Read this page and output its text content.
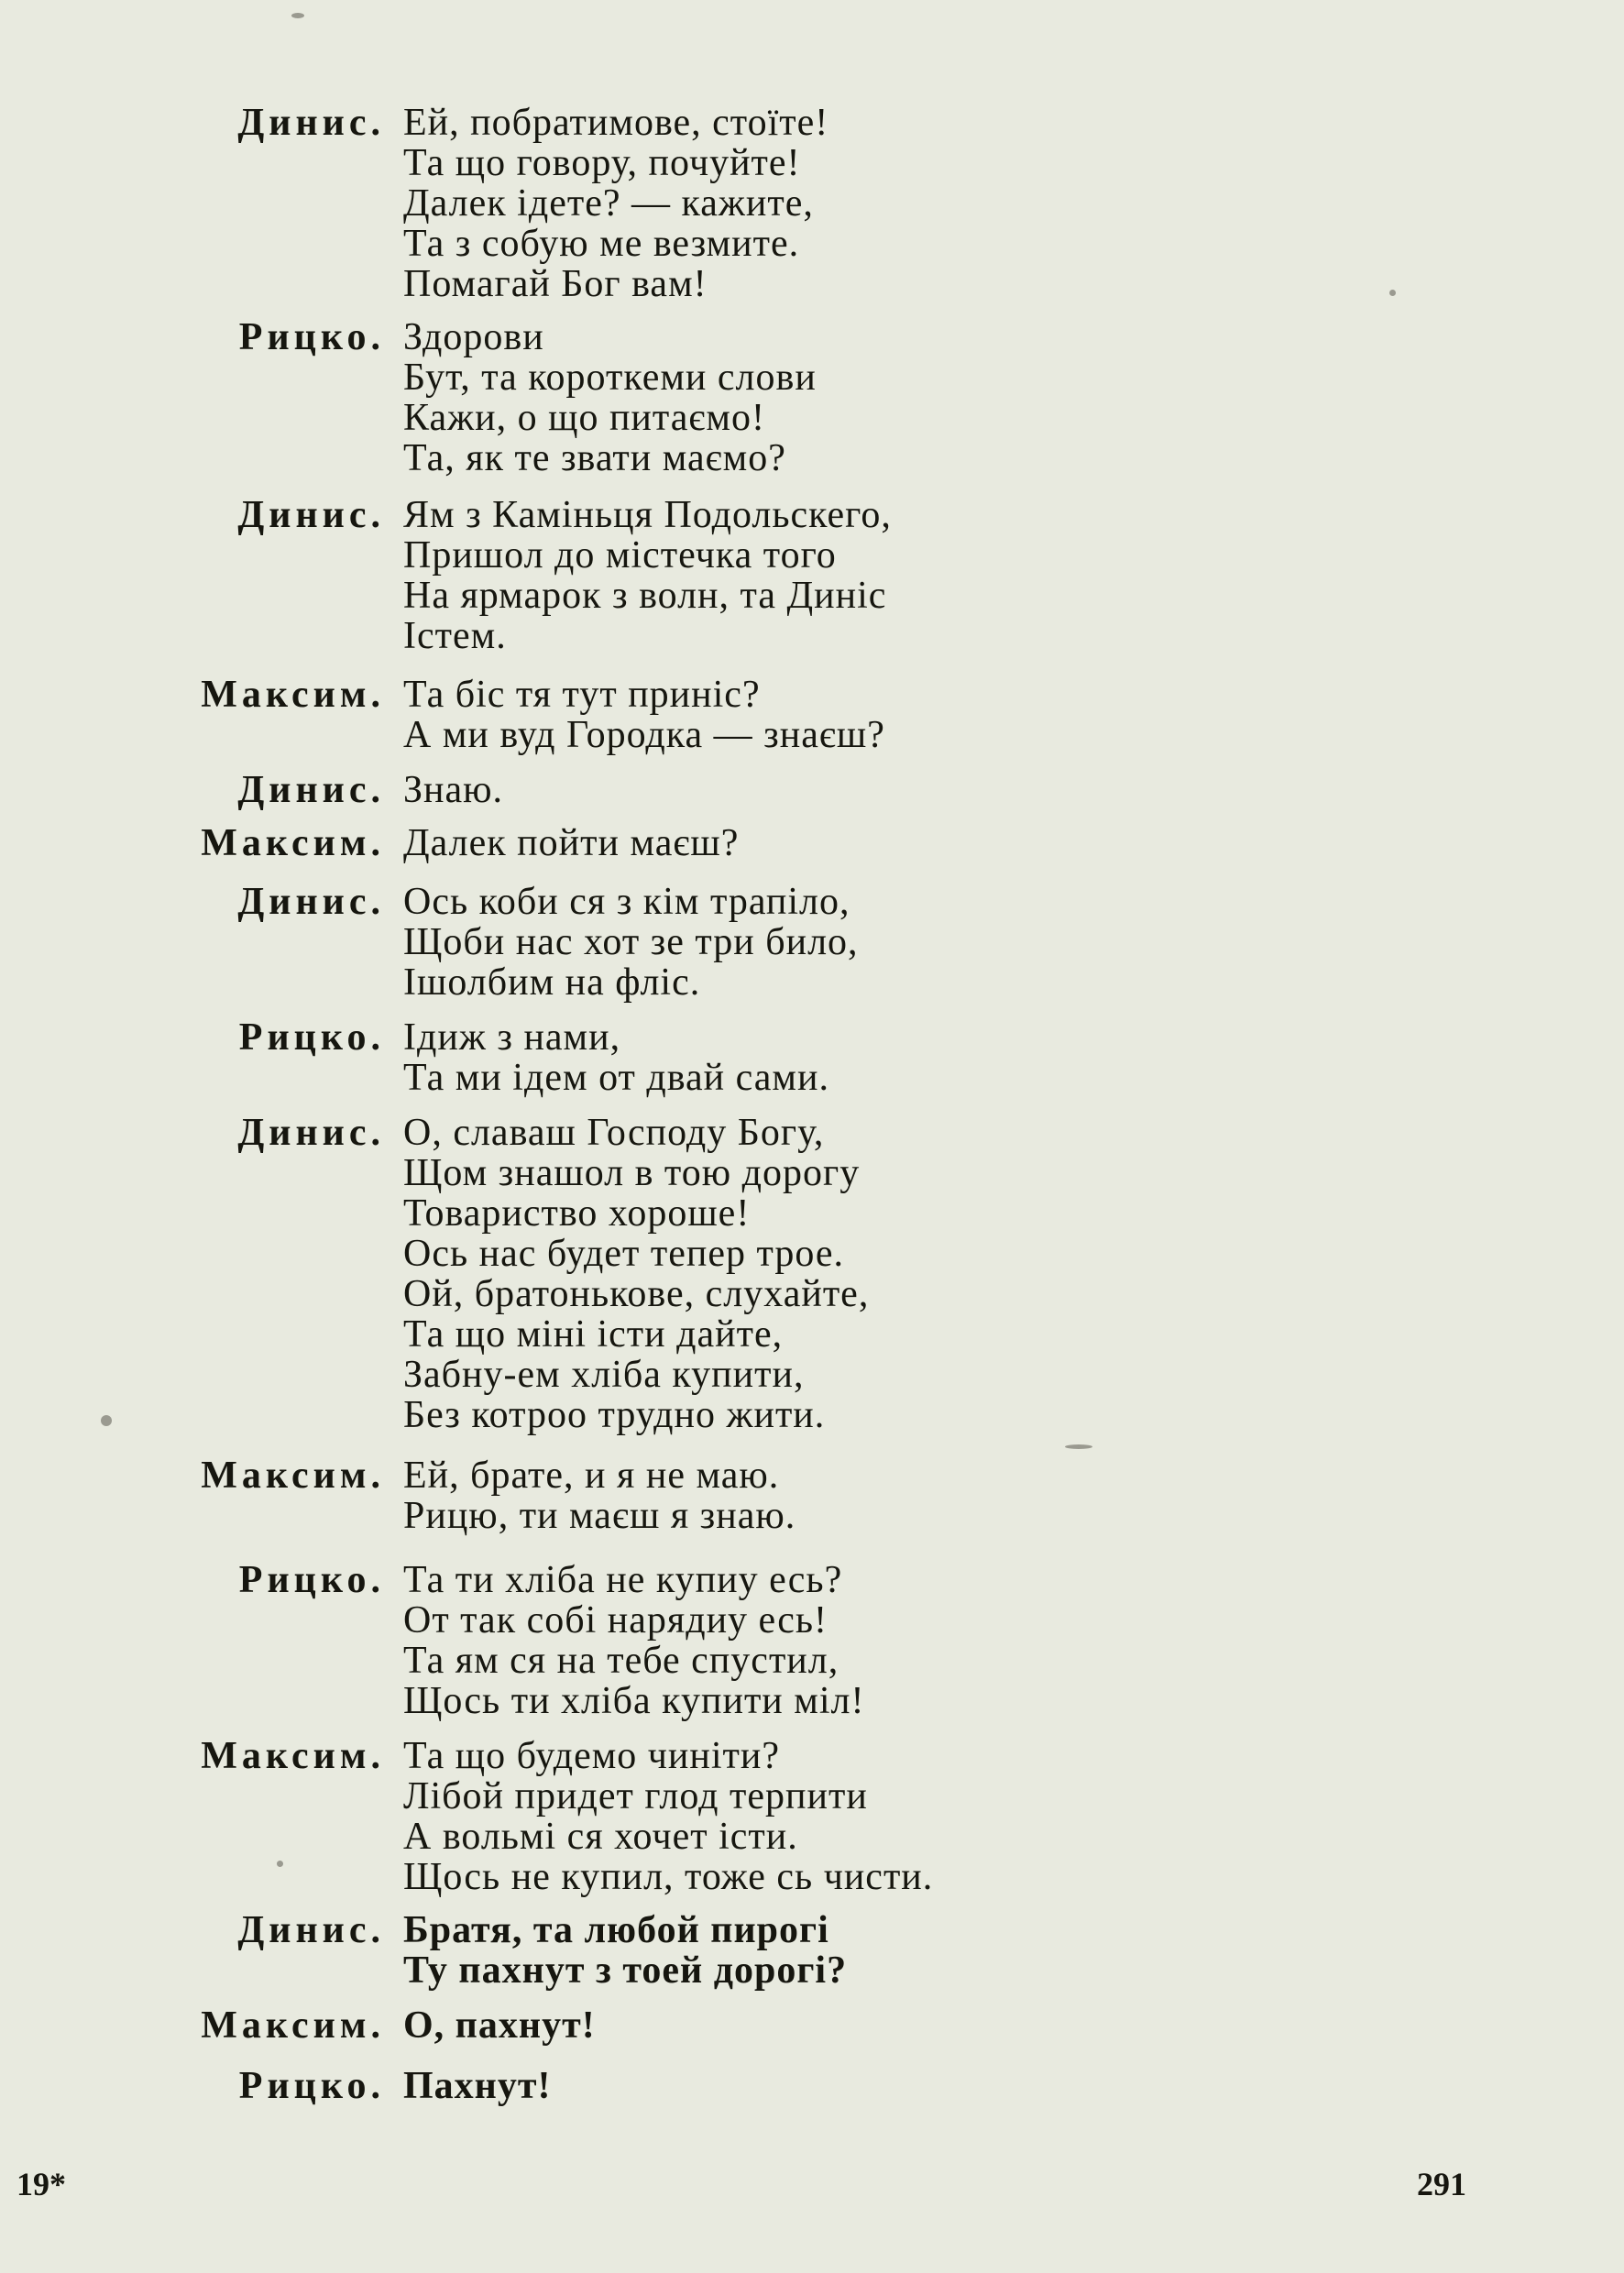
Динис. Ей, побратимове, стоїте!
Та що говору, почуйте!
Далек ідете? — кажите,
Та з собую ме везмите.
Помагай Бог вам!
Рицко. Здорови
Бут, та короткеми слови
Кажи, о що питаємо!
Та, як те звати маємо?
Динис. Ям з Каміньця Подольскего,
Пришол до містечка того
На ярмарок з волн, та Диніс
Істем.
Максим. Та біс тя тут приніс?
А ми вуд Городка — знаєш?
Динис. Знаю.
Максим. Далек пойти маєш?
Динис. Ось коби ся з кім трапіло,
Щоби нас хот зе три било,
Ішолбим на фліс.
Рицко. Ідиж з нами,
Та ми ідем от двай сами.
Динис. О, славаш Господу Богу,
Щом знашол в тою дорогу
Товариство хороше!
Ось нас будет тепер трое.
Ой, братонькове, слухайте,
Та що міні істи дайте,
Забну-ем хліба купити,
Без котроо трудно жити.
Максим. Ей, брате, и я не маю.
Рицю, ти маєш я знаю.
Рицко. Та ти хліба не купиу есь?
От так собі нарядиу есь!
Та ям ся на тебе спустил,
Щось ти хліба купити міл!
Максим. Та що будемо чиніти?
Лібой придет глод терпити
А вольмі ся хочет істи.
Щось не купил, тоже сь чисти.
Динис. Братя, та любой пирогі
Ту пахнут з тоей дорогі?
Максим. О, пахнут!
Рицко. Пахнут!
19*	291
